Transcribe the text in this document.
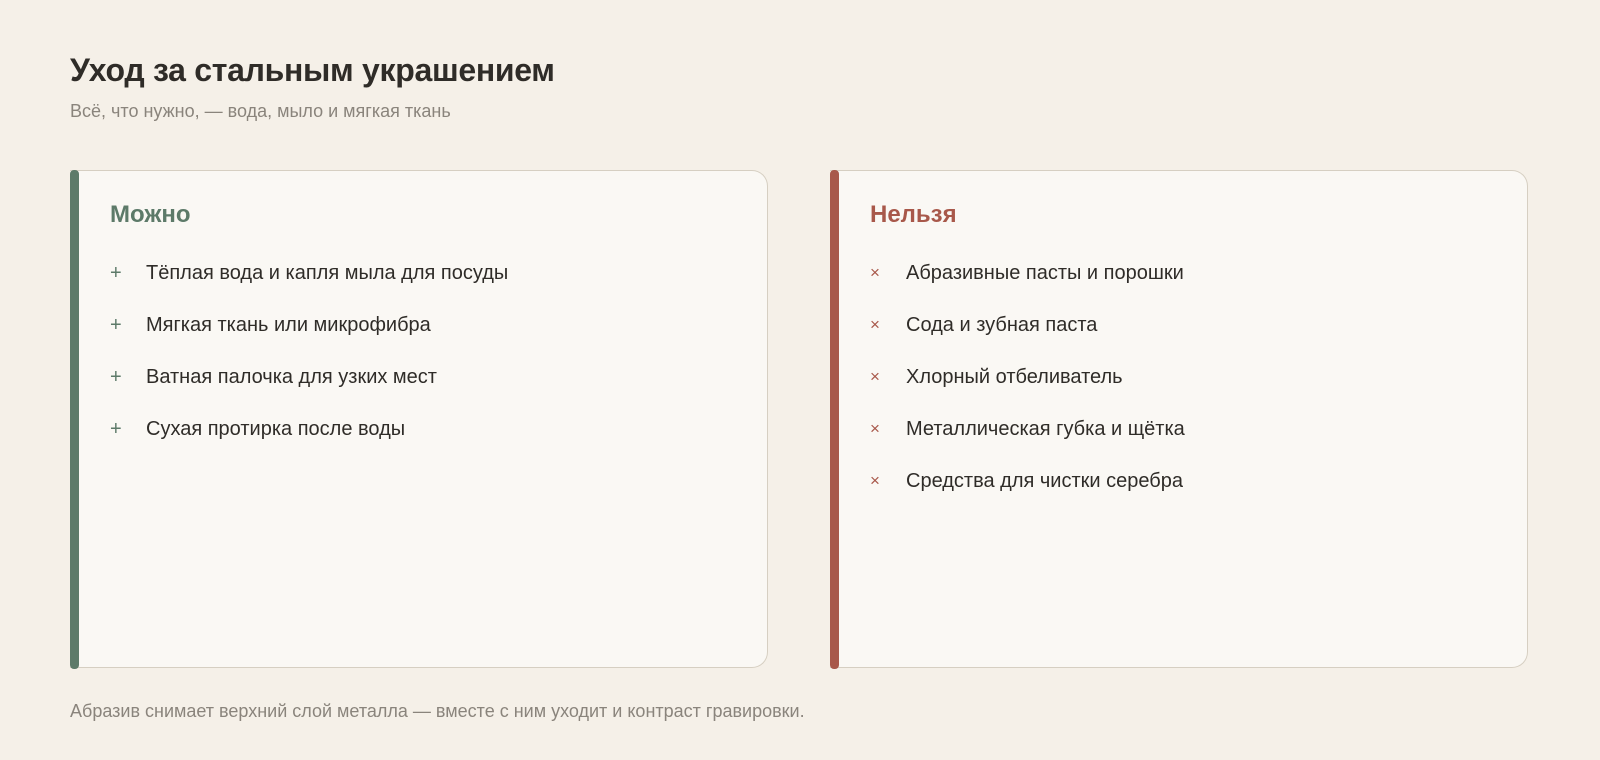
Уход за стальным украшением

Всё, что нужно, — вода, мыло и мягкая ткань

Можно
+	Тёплая вода и капля мыла для посуды
+	Мягкая ткань или микрофибра
+	Ватная палочка для узких мест
+	Сухая протирка после воды
Нельзя
×	Абразивные пасты и порошки
×	Сода и зубная паста
×	Хлорный отбеливатель
×	Металлическая губка и щётка
×	Средства для чистки серебра

Абразив снимает верхний слой металла — вместе с ним уходит и контраст гравировки.
